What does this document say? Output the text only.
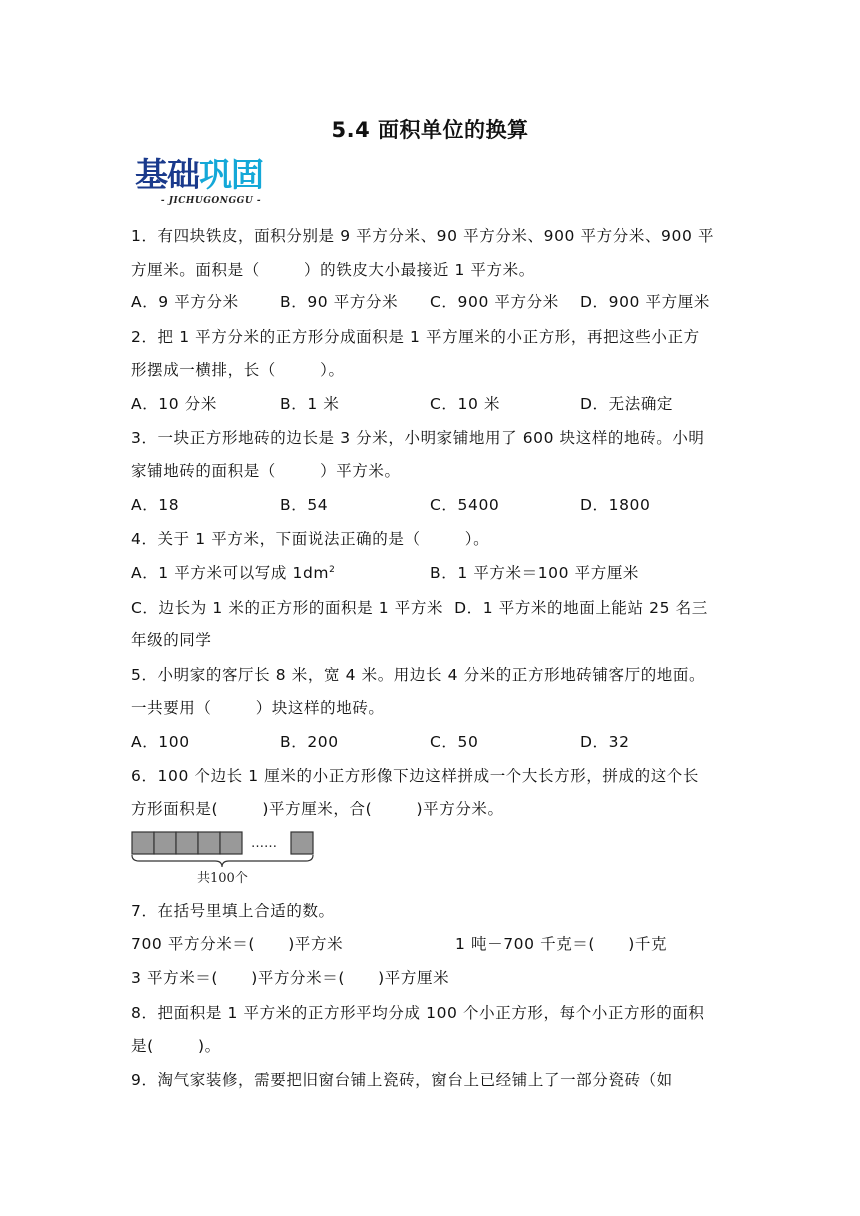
5.4 面积单位的换算
基 础 巩 固
- JICHUGONGGU -
1．有四块铁皮，面积分别是 9 平方分米、90 平方分米、900 平方分米、900 平
方厘米。面积是（        ）的铁皮大小最接近 1 平方米。
A．9 平方分米	B．90 平方分米 C．900 平方分米 D．900 平方厘米
2．把 1 平方分米的正方形分成面积是 1 平方厘米的小正方形，再把这些小正方
形摆成一横排，长（        ）。
A．10 分米	B．1 米	C．10 米	D．无法确定
3．一块正方形地砖的边长是 3 分米，小明家铺地用了 600 块这样的地砖。小明
家铺地砖的面积是（        ）平方米。
A．18	B．54	C．5400	D．1800
4．关于 1 平方米，下面说法正确的是（        ）。
A．1 平方米可以写成 $1dm^2$	B．1 平方米＝100 平方厘米
C．边长为 1 米的正方形的面积是 1 平方米  D．1 平方米的地面上能站 25 名三
年级的同学
5．小明家的客厅长 8 米，宽 4 米。用边长 4 分米的正方形地砖铺客厅的地面。
一共要用（        ）块这样的地砖。
A．100	B．200	C．50	D．32
6．100 个边长 1 厘米的小正方形像下边这样拼成一个大长方形，拼成的这个长
方形面积是(        )平方厘米，合(        )平方分米。
……
共100个
7．在括号里填上合适的数。
700 平方分米＝(      )平方米	1 吨－700 千克＝(      )千克
3 平方米＝(      )平方分米＝(      )平方厘米
8．把面积是 1 平方米的正方形平均分成 100 个小正方形，每个小正方形的面积
是(        )。
9．淘气家装修，需要把旧窗台铺上瓷砖，窗台上已经铺上了一部分瓷砖（如
